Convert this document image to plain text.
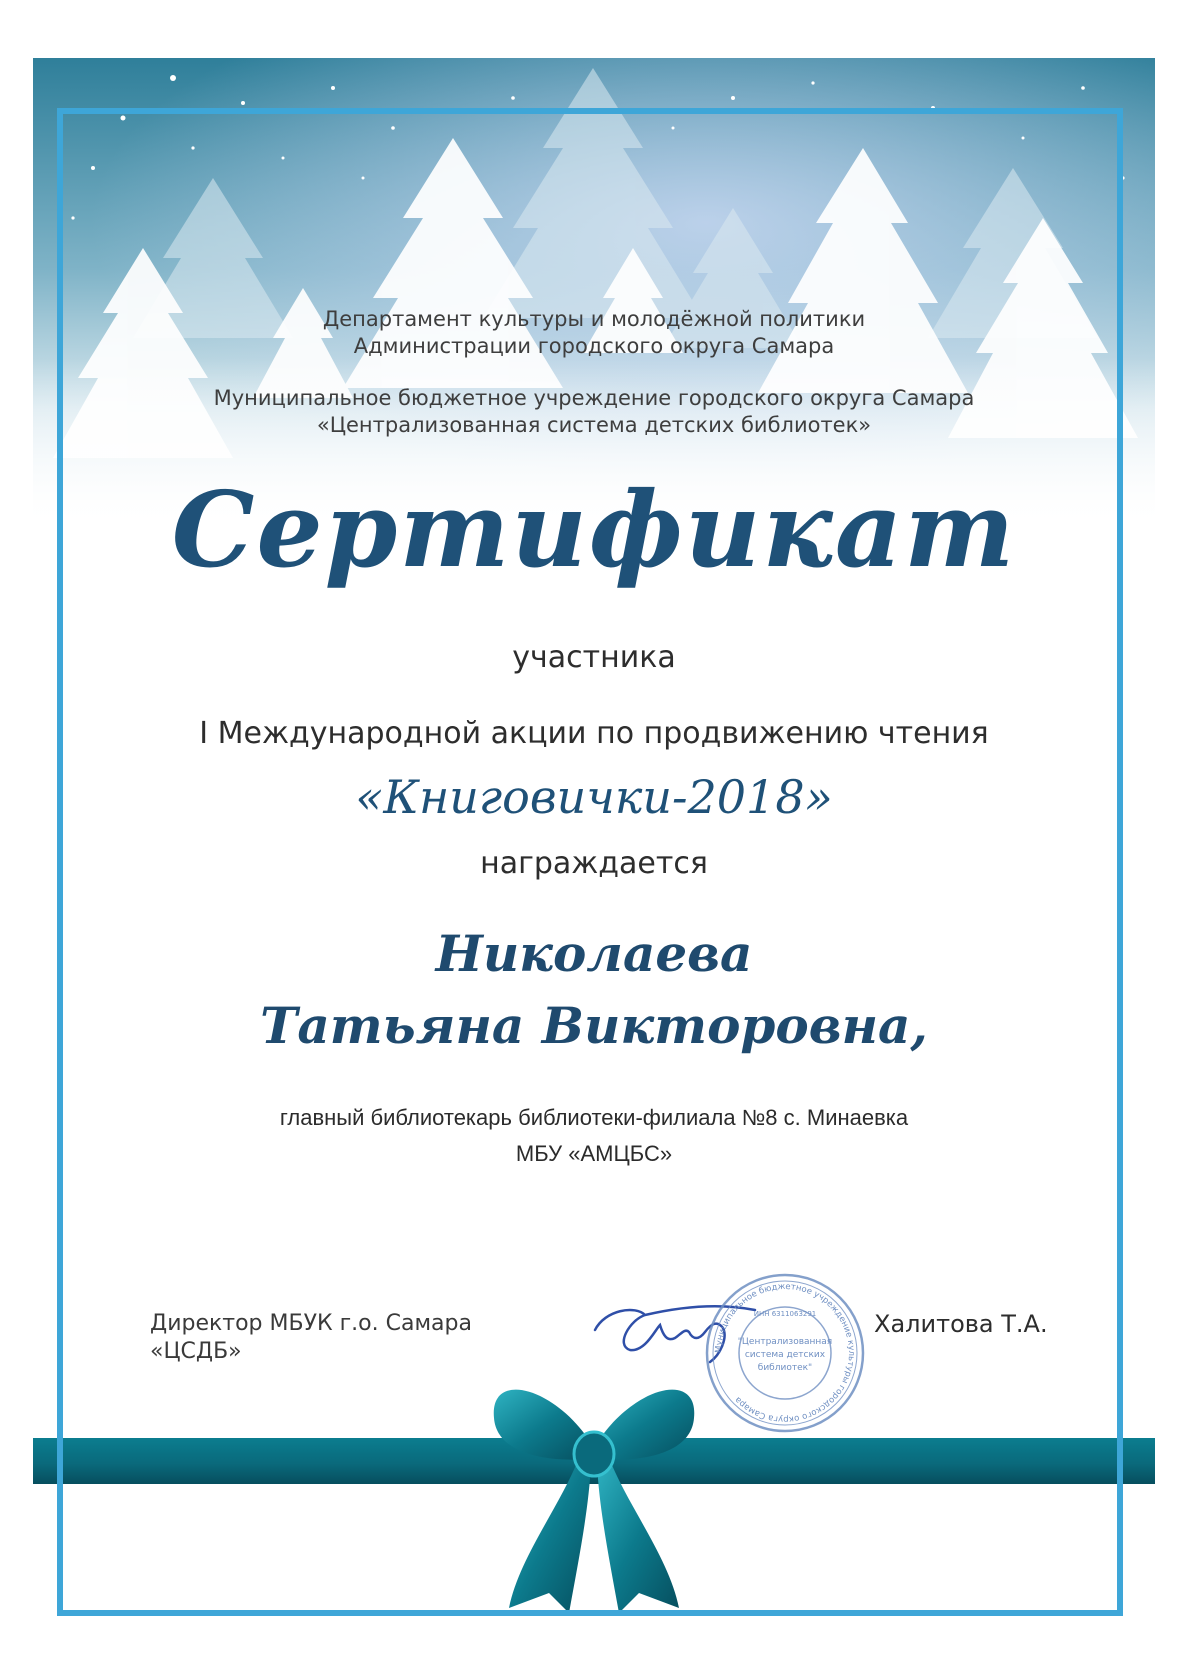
Департамент культуры и молодёжной политики
Администрации городского округа Самара
Муниципальное бюджетное учреждение городского округа Самара
«Централизованная система детских библиотек»
Сертификат
участника
I Международной акции по продвижению чтения
«Книговички-2018»
награждается
Николаева
Татьяна Викторовна,
главный библиотекарь библиотеки-филиала №8 с. Минаевка
МБУ «АМЦБС»
Директор МБУК г.о. Самара
«ЦСДБ»	Муниципальное бюджетное учреждение культуры городского округа Самара
ИНН 6311063291
"Централизованная
система детских
библиотек"
Халитова Т.А.
